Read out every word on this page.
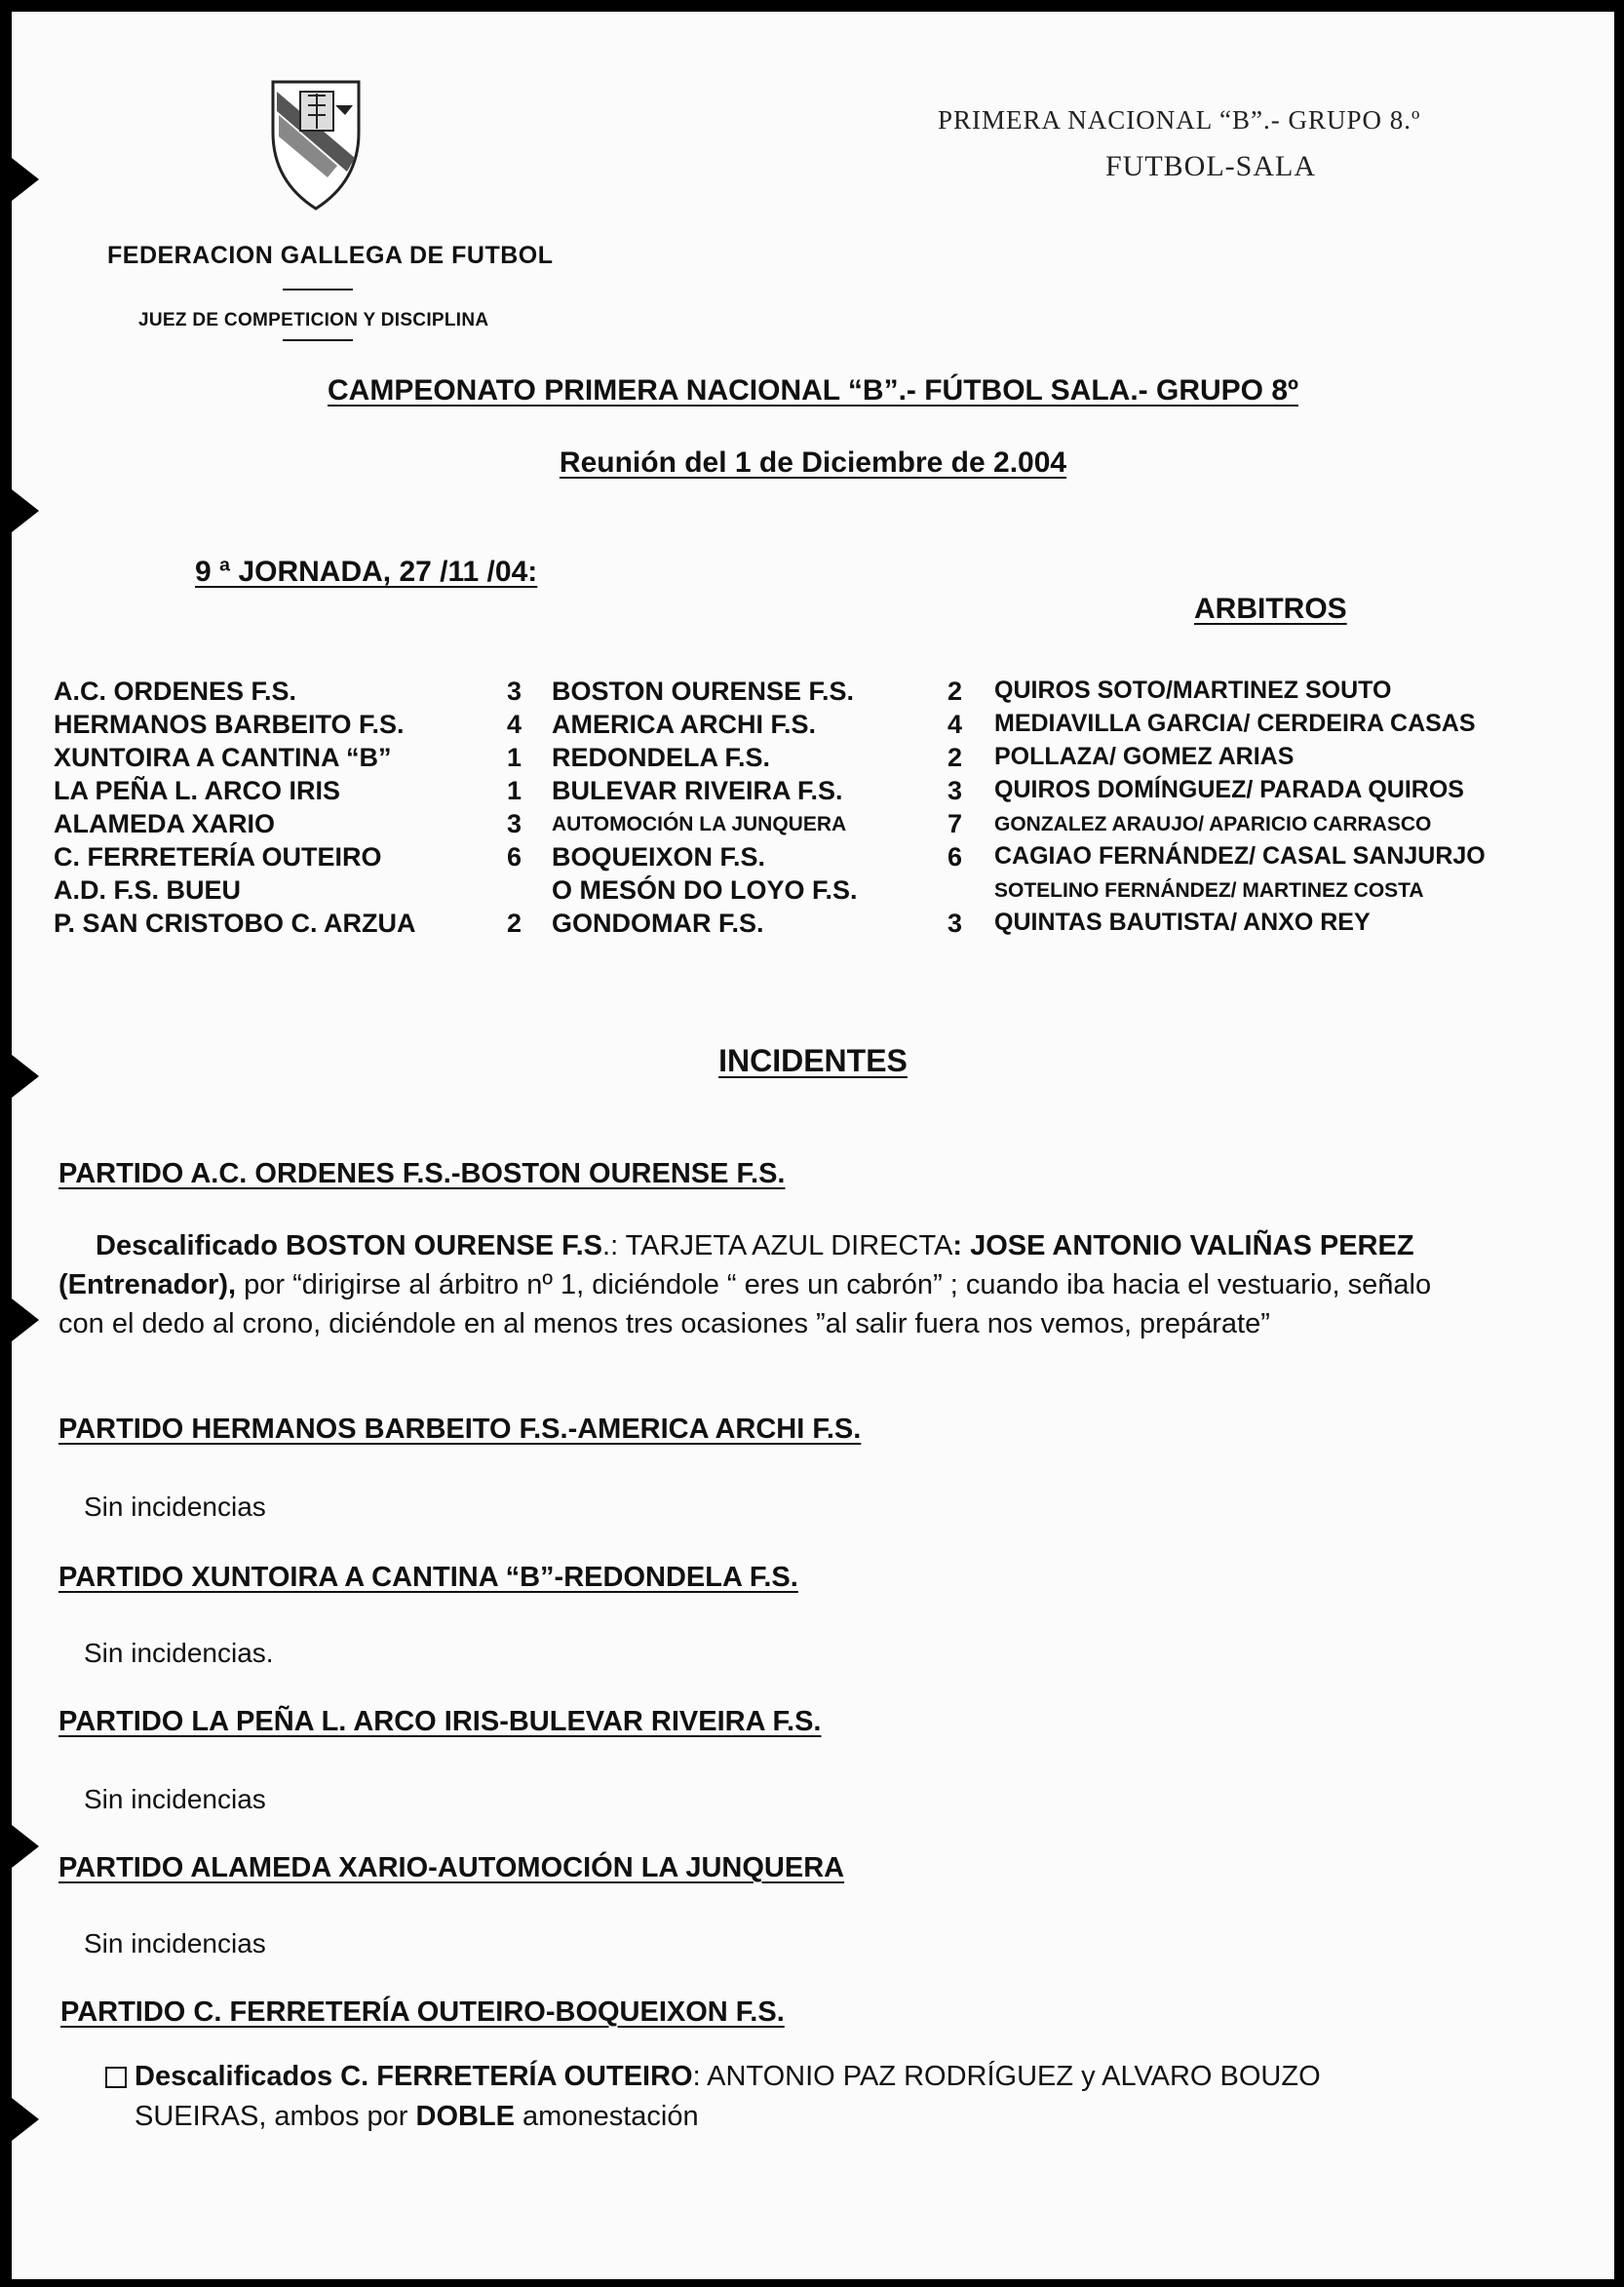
FEDERACION GALLEGA DE FUTBOL
JUEZ DE COMPETICION Y DISCIPLINA
PRIMERA NACIONAL “B”.- GRUPO 8.º
FUTBOL-SALA
CAMPEONATO PRIMERA NACIONAL “B”.- FÚTBOL SALA.- GRUPO 8º
Reunión del 1 de Diciembre de 2.004
9 ª JORNADA, 27 /11 /04:
ARBITROS
A.C. ORDENES F.S.	3 BOSTON OURENSE F.S.	2 QUIROS SOTO/MARTINEZ SOUTO
HERMANOS BARBEITO F.S.	4 AMERICA ARCHI F.S.	4 MEDIAVILLA GARCIA/ CERDEIRA CASAS
XUNTOIRA A CANTINA “B”	1 REDONDELA F.S.	2 POLLAZA/ GOMEZ ARIAS
LA PEÑA L. ARCO IRIS	1 BULEVAR RIVEIRA F.S.	3 QUIROS DOMÍNGUEZ/ PARADA QUIROS
ALAMEDA XARIO	3 AUTOMOCIÓN LA JUNQUERA	7 GONZALEZ ARAUJO/ APARICIO CARRASCO
C. FERRETERÍA OUTEIRO	6 BOQUEIXON F.S.	6 CAGIAO FERNÁNDEZ/ CASAL SANJURJO
A.D. F.S. BUEU	O MESÓN DO LOYO F.S.	SOTELINO FERNÁNDEZ/ MARTINEZ COSTA
P. SAN CRISTOBO C. ARZUA	2 GONDOMAR F.S.	3 QUINTAS BAUTISTA/ ANXO REY
INCIDENTES
PARTIDO A.C. ORDENES F.S.-BOSTON OURENSE F.S.
Descalificado BOSTON OURENSE F.S.: TARJETA AZUL DIRECTA: JOSE ANTONIO VALIÑAS PEREZ (Entrenador), por “dirigirse al árbitro nº 1, diciéndole “ eres un cabrón” ; cuando iba hacia el vestuario, señalo con el dedo al crono, diciéndole en al menos tres ocasiones ”al salir fuera nos vemos, prepárate”
PARTIDO HERMANOS BARBEITO F.S.-AMERICA ARCHI F.S.
Sin incidencias
PARTIDO XUNTOIRA A CANTINA “B”-REDONDELA F.S.
Sin incidencias.
PARTIDO LA PEÑA L. ARCO IRIS-BULEVAR RIVEIRA F.S.
Sin incidencias
PARTIDO ALAMEDA XARIO-AUTOMOCIÓN LA JUNQUERA
Sin incidencias
PARTIDO C. FERRETERÍA OUTEIRO-BOQUEIXON F.S.
Descalificados C. FERRETERÍA OUTEIRO: ANTONIO PAZ RODRÍGUEZ y ALVARO BOUZO SUEIRAS, ambos por DOBLE amonestación
